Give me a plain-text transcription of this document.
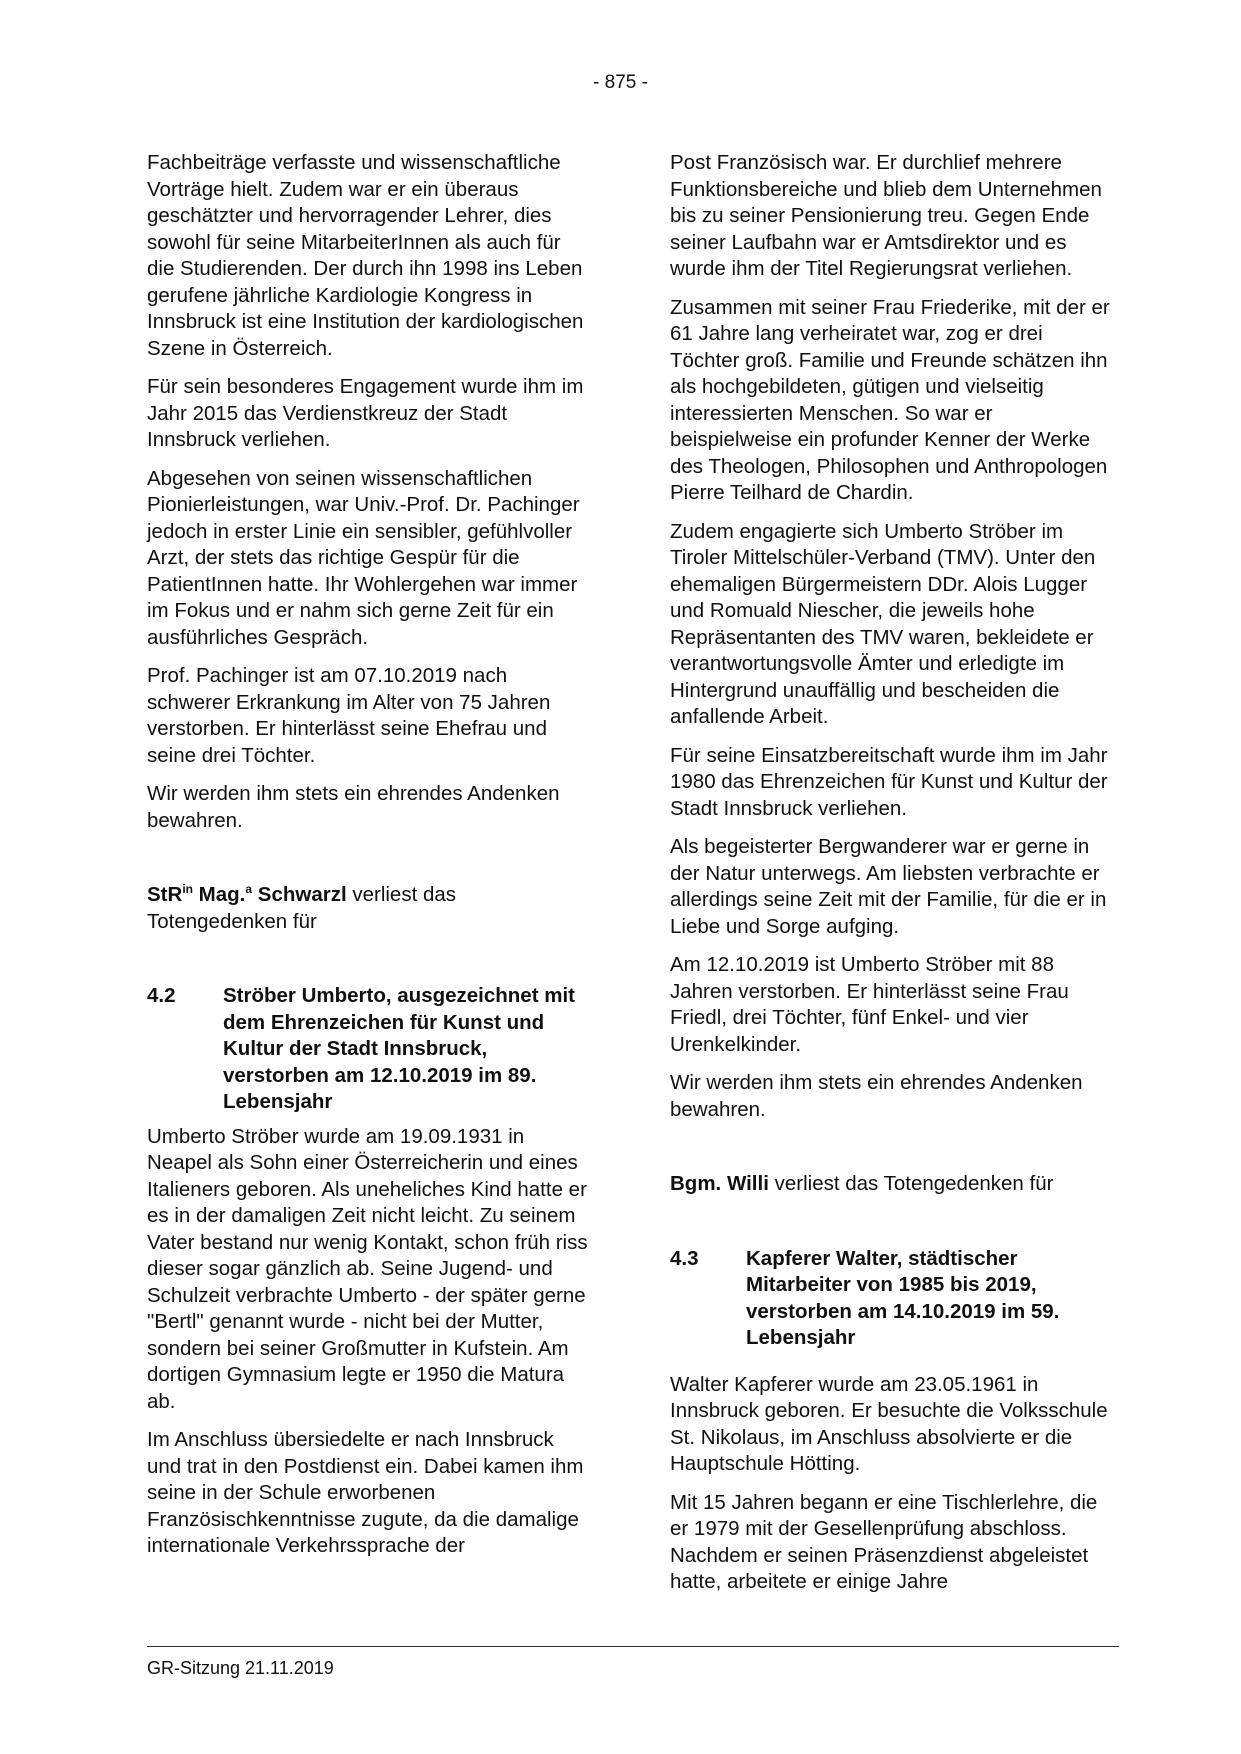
- 875 -

Fachbeiträge verfasste und wissenschaftliche Vorträge hielt. Zudem war er ein überaus geschätzter und hervorragender Lehrer, dies sowohl für seine MitarbeiterInnen als auch für die Studierenden. Der durch ihn 1998 ins Leben gerufene jährliche Kardiologie Kongress in Innsbruck ist eine Institution der kardiologischen Szene in Österreich.

Für sein besonderes Engagement wurde ihm im Jahr 2015 das Verdienstkreuz der Stadt Innsbruck verliehen.

Abgesehen von seinen wissenschaftlichen Pionierleistungen, war Univ.-Prof. Dr. Pachinger jedoch in erster Linie ein sensibler, gefühlvoller Arzt, der stets das richtige Gespür für die PatientInnen hatte. Ihr Wohlergehen war immer im Fokus und er nahm sich gerne Zeit für ein ausführliches Gespräch.

Prof. Pachinger ist am 07.10.2019 nach schwerer Erkrankung im Alter von 75 Jahren verstorben. Er hinterlässt seine Ehefrau und seine drei Töchter.

Wir werden ihm stets ein ehrendes Andenken bewahren.

StR$^{in}$ Mag.$^a$ Schwarzl verliest das Totengedenken für

4.2	Ströber Umberto, ausgezeichnet mit dem Ehrenzeichen für Kunst und Kultur der Stadt Innsbruck, verstorben am 12.10.2019 im 89. Lebensjahr

Umberto Ströber wurde am 19.09.1931 in Neapel als Sohn einer Österreicherin und eines Italieners geboren. Als uneheliches Kind hatte er es in der damaligen Zeit nicht leicht. Zu seinem Vater bestand nur wenig Kontakt, schon früh riss dieser sogar gänzlich ab. Seine Jugend- und Schulzeit verbrachte Umberto - der später gerne "Bertl" genannt wurde - nicht bei der Mutter, sondern bei seiner Großmutter in Kufstein. Am dortigen Gymnasium legte er 1950 die Matura ab.

Im Anschluss übersiedelte er nach Innsbruck und trat in den Postdienst ein. Dabei kamen ihm seine in der Schule erworbenen Französischkenntnisse zugute, da die damalige internationale Verkehrssprache der

Post Französisch war. Er durchlief mehrere Funktionsbereiche und blieb dem Unternehmen bis zu seiner Pensionierung treu. Gegen Ende seiner Laufbahn war er Amtsdirektor und es wurde ihm der Titel Regierungsrat verliehen.

Zusammen mit seiner Frau Friederike, mit der er 61 Jahre lang verheiratet war, zog er drei Töchter groß. Familie und Freunde schätzen ihn als hochgebildeten, gütigen und vielseitig interessierten Menschen. So war er beispielweise ein profunder Kenner der Werke des Theologen, Philosophen und Anthropologen Pierre Teilhard de Chardin.

Zudem engagierte sich Umberto Ströber im Tiroler Mittelschüler-Verband (TMV). Unter den ehemaligen Bürgermeistern DDr. Alois Lugger und Romuald Niescher, die jeweils hohe Repräsentanten des TMV waren, bekleidete er verantwortungsvolle Ämter und erledigte im Hintergrund unauffällig und bescheiden die anfallende Arbeit.

Für seine Einsatzbereitschaft wurde ihm im Jahr 1980 das Ehrenzeichen für Kunst und Kultur der Stadt Innsbruck verliehen.

Als begeisterter Bergwanderer war er gerne in der Natur unterwegs. Am liebsten verbrachte er allerdings seine Zeit mit der Familie, für die er in Liebe und Sorge aufging.

Am 12.10.2019 ist Umberto Ströber mit 88 Jahren verstorben. Er hinterlässt seine Frau Friedl, drei Töchter, fünf Enkel- und vier Urenkelkinder.

Wir werden ihm stets ein ehrendes Andenken bewahren.

Bgm. Willi verliest das Totengedenken für

4.3	Kapferer Walter, städtischer Mitarbeiter von 1985 bis 2019, verstorben am 14.10.2019 im 59. Lebensjahr

Walter Kapferer wurde am 23.05.1961 in Innsbruck geboren. Er besuchte die Volksschule St. Nikolaus, im Anschluss absolvierte er die Hauptschule Hötting.

Mit 15 Jahren begann er eine Tischlerlehre, die er 1979 mit der Gesellenprüfung abschloss. Nachdem er seinen Präsenzdienst abgeleistet hatte, arbeitete er einige Jahre

GR-Sitzung 21.11.2019
